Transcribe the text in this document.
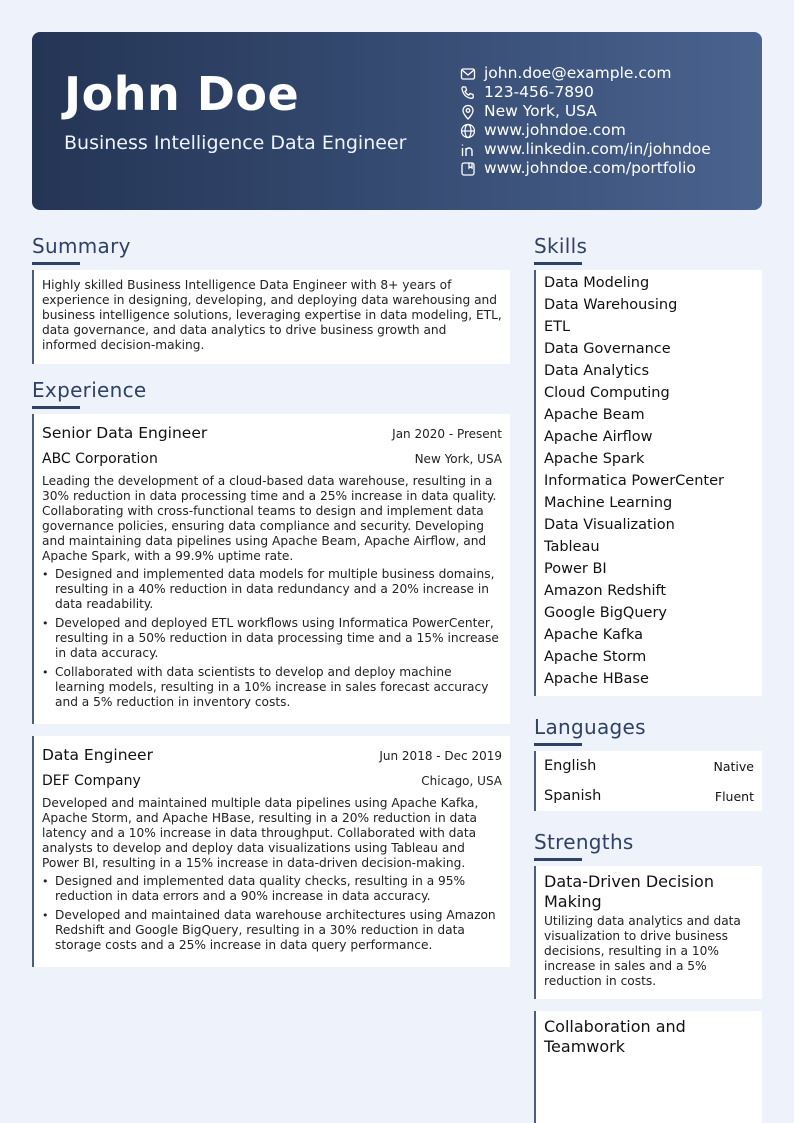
John Doe
Business Intelligence Data Engineer
john.doe@example.com
123-456-7890
New York, USA
www.johndoe.com
www.linkedin.com/in/johndoe
www.johndoe.com/portfolio
Summary
Highly skilled Business Intelligence Data Engineer with 8+ years of experience in designing, developing, and deploying data warehousing and business intelligence solutions, leveraging expertise in data modeling, ETL, data governance, and data analytics to drive business growth and informed decision-making.
Experience
Senior Data Engineer	Jan 2020 - Present
ABC Corporation	New York, USA
Leading the development of a cloud-based data warehouse, resulting in a 30% reduction in data processing time and a 25% increase in data quality. Collaborating with cross-functional teams to design and implement data governance policies, ensuring data compliance and security. Developing and maintaining data pipelines using Apache Beam, Apache Airflow, and Apache Spark, with a 99.9% uptime rate.
• Designed and implemented data models for multiple business domains, resulting in a 40% reduction in data redundancy and a 20% increase in data readability.
• Developed and deployed ETL workflows using Informatica PowerCenter, resulting in a 50% reduction in data processing time and a 15% increase in data accuracy.
• Collaborated with data scientists to develop and deploy machine learning models, resulting in a 10% increase in sales forecast accuracy and a 5% reduction in inventory costs.
Data Engineer	Jun 2018 - Dec 2019
DEF Company	Chicago, USA
Developed and maintained multiple data pipelines using Apache Kafka, Apache Storm, and Apache HBase, resulting in a 20% reduction in data latency and a 10% increase in data throughput. Collaborated with data analysts to develop and deploy data visualizations using Tableau and Power BI, resulting in a 15% increase in data-driven decision-making.
• Designed and implemented data quality checks, resulting in a 95% reduction in data errors and a 90% increase in data accuracy.
• Developed and maintained data warehouse architectures using Amazon Redshift and Google BigQuery, resulting in a 30% reduction in data storage costs and a 25% increase in data query performance.
Skills
Data Modeling
Data Warehousing
ETL
Data Governance
Data Analytics
Cloud Computing
Apache Beam
Apache Airflow
Apache Spark
Informatica PowerCenter
Machine Learning
Data Visualization
Tableau
Power BI
Amazon Redshift
Google BigQuery
Apache Kafka
Apache Storm
Apache HBase
Languages
English	Native
Spanish	Fluent
Strengths
Data-Driven Decision Making
Utilizing data analytics and data visualization to drive business decisions, resulting in a 10% increase in sales and a 5% reduction in costs.
Collaboration and Teamwork
